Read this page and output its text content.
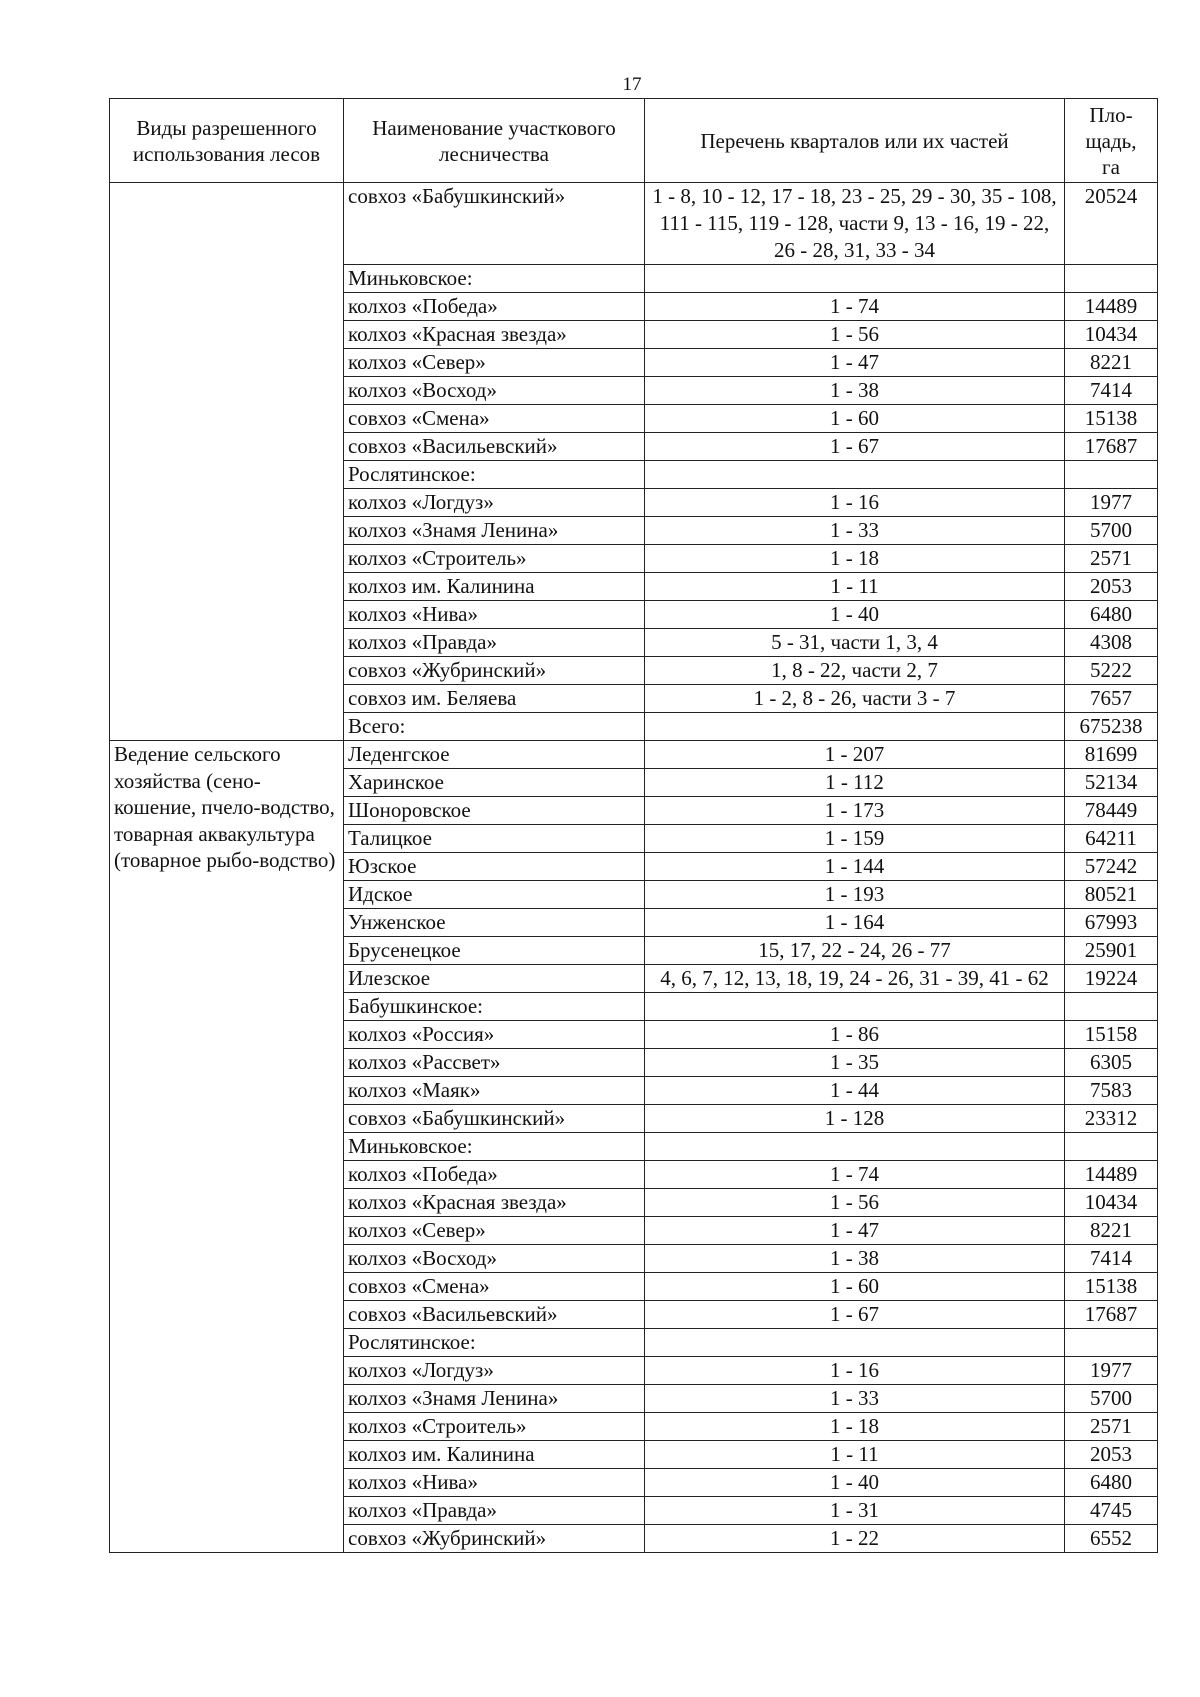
17
Виды разрешенного использования лесов	Наименование участкового лесничества	Перечень кварталов или их частей	Пло-
щадь,
га
	совхоз «Бабушкинский»	1 - 8, 10 - 12, 17 - 18, 23 - 25, 29 - 30, 35 - 108, 111 - 115, 119 - 128, части 9, 13 - 16, 19 - 22, 26 - 28, 31, 33 - 34	20524
	Миньковское:		
	колхоз «Победа»	1 - 74	14489
	колхоз «Красная звезда»	1 - 56	10434
	колхоз «Север»	1 - 47	8221
	колхоз «Восход»	1 - 38	7414
	совхоз «Смена»	1 - 60	15138
	совхоз «Васильевский»	1 - 67	17687
	Рослятинское:		
	колхоз «Логдуз»	1 - 16	1977
	колхоз «Знамя Ленина»	1 - 33	5700
	колхоз «Строитель»	1 - 18	2571
	колхоз им. Калинина	1 - 11	2053
	колхоз «Нива»	1 - 40	6480
	колхоз «Правда»	5 - 31, части 1, 3, 4	4308
	совхоз «Жубринский»	1, 8 - 22, части 2, 7	5222
	совхоз им. Беляева	1 - 2, 8 - 26, части 3 - 7	7657
	Всего:		675238
Ведение сельского хозяйства (сено-кошение, пчело-водство, товарная аквакультура (товарное рыбо-водство)	Леденгское	1 - 207	81699
	Харинское	1 - 112	52134
	Шоноровское	1 - 173	78449
	Талицкое	1 - 159	64211
	Юзское	1 - 144	57242
	Идское	1 - 193	80521
	Унженское	1 - 164	67993
	Брусенецкое	15, 17, 22 - 24, 26 - 77	25901
	Илезское	4, 6, 7, 12, 13, 18, 19, 24 - 26, 31 - 39, 41 - 62	19224
	Бабушкинское:		
	колхоз «Россия»	1 - 86	15158
	колхоз «Рассвет»	1 - 35	6305
	колхоз «Маяк»	1 - 44	7583
	совхоз «Бабушкинский»	1 - 128	23312
	Миньковское:		
	колхоз «Победа»	1 - 74	14489
	колхоз «Красная звезда»	1 - 56	10434
	колхоз «Север»	1 - 47	8221
	колхоз «Восход»	1 - 38	7414
	совхоз «Смена»	1 - 60	15138
	совхоз «Васильевский»	1 - 67	17687
	Рослятинское:		
	колхоз «Логдуз»	1 - 16	1977
	колхоз «Знамя Ленина»	1 - 33	5700
	колхоз «Строитель»	1 - 18	2571
	колхоз им. Калинина	1 - 11	2053
	колхоз «Нива»	1 - 40	6480
	колхоз «Правда»	1 - 31	4745
	совхоз «Жубринский»	1 - 22	6552
